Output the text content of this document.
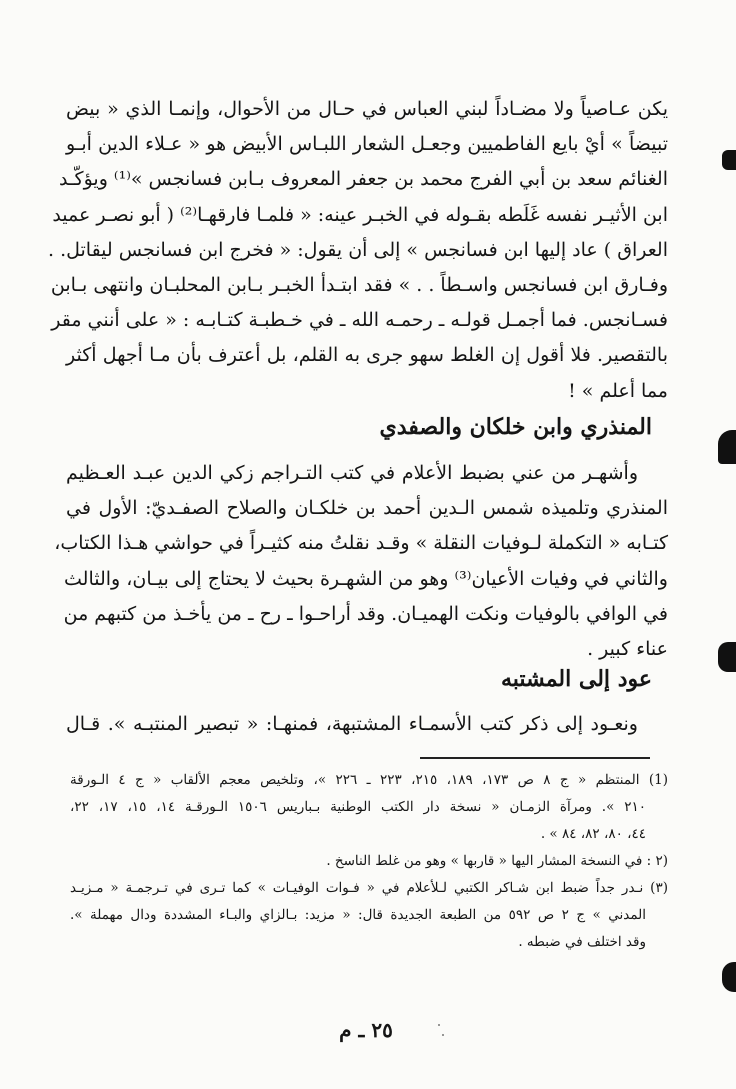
يكن عـاصياً ولا مضـاداً لبني العباس في حـال من الأحوال، وإنمـا الذي « بيض
تبيضاً » أيْ بايع الفاطميين وجعـل الشعار اللبـاس الأبيض هو « عـلاء الدين أبـو
الغنائم سعد بن أبي الفرج محمد بن جعفر المعروف بـابن فسانجس »⁽¹⁾ ويؤكّـد
ابن الأثيـر نفسه غَلَطه بقـوله في الخبـر عينه: « فلمـا فارقهـا⁽²⁾ ( أبو نصـر عميد
العراق ) عاد إليها ابن فسانجس » إلى أن يقول: « فخرج ابن فسانجس ليقاتل. .
وفـارق ابن فسانجس واسـطاً . . » فقد ابتـدأ الخبـر بـابن المحلبـان وانتهى بـابن
فسـانجس. فما أجمـل قولـه ـ رحمـه الله ـ في خـطبـة كتـابـه : « على أنني مقر
بالتقصير. فلا أقول إن الغلط سهو جرى به القلم، بل أعترف بأن مـا أجهل أكثر
مما أعلم » !
المنذري وابن خلكان والصفدي
وأشهـر من عني بضبط الأعلام في كتب التـراجم زكي الدين عبـد العـظيم
المنذري وتلميذه شمس الـدين أحمد بن خلكـان والصلاح الصفـديّ: الأول في
كتـابه « التكملة لـوفيات النقلة » وقـد نقلتُ منه كثيـراً في حواشي هـذا الكتاب،
والثاني في وفيات الأعيان⁽³⁾ وهو من الشهـرة بحيث لا يحتاج إلى بيـان، والثالث
في الوافي بالوفيات ونكت الهميـان. وقد أراحـوا ـ رح ـ من يأخـذ من كتبهم من
عناء كبير .
عود إلى المشتبه
ونعـود إلى ذكر كتب الأسمـاء المشتبهة، فمنهـا: « تبصير المنتبـه ». قـال
(1) المنتظم « ج ٨ ص ١٧٣، ١٨٩، ٢١٥، ٢٢٣ ـ ٢٢٦ »، وتلخيص معجم الألقاب « ج ٤ الـورقة
٢١٠ ». ومرآة الزمـان « نسخة دار الكتب الوطنية بـباريس ١٥٠٦ الـورقـة ١٤، ١٥، ١٧، ٢٢،
٤٤، ٨٠، ٨٢، ٨٤ » .
(٢ : في النسخة المشار اليها « قاربها » وهو من غلط الناسخ .
(٣) نـدر جداً ضبط ابن شـاكر الكتبي لـلأعلام في « فـوات الوفيـات » كما تـرى في تـرجمـة « مـزيـد
المدني » ج ٢ ص ٥٩٢ من الطبعة الجديدة قال: « مزيد: بـالزاي والبـاء المشددة ودال مهملة ».
وقد اختلف في ضبطه .
٢٥ ـ م
